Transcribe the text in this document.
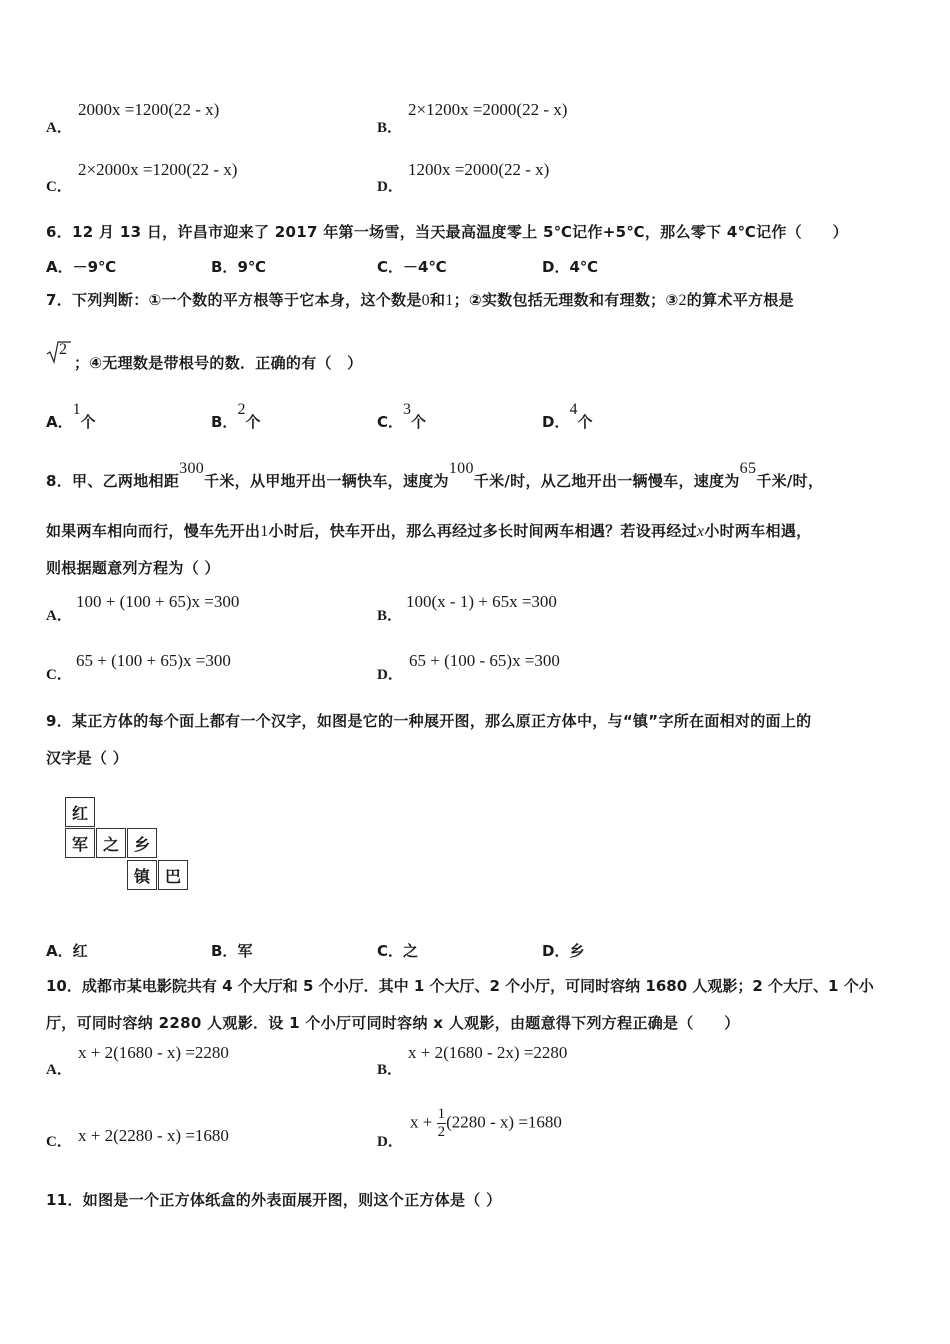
A．
2000x =1200(22 - x)
B．
2×1200x =2000(22 - x)
C．
2×2000x =1200(22 - x)
D．
1200x =2000(22 - x)
6．12 月 13 日，许昌市迎来了 2017 年第一场雪，当天最高温度零上 5℃记作+5℃，那么零下 4℃记作（　　）
A．－9℃	B．9℃	C．－4℃	D．4℃
7．下列判断：①一个数的平方根等于它本身，这个数是0和1；②实数包括无理数和有理数；③2的算术平方根是
2
；④无理数是带根号的数．正确的有（　）
A．1个	B．2个	C．3个	D．4个
8．甲、乙两地相距300千米，从甲地开出一辆快车，速度为100千米/时，从乙地开出一辆慢车，速度为65千米/时，
如果两车相向而行，慢车先开出1小时后，快车开出，那么再经过多长时间两车相遇？若设再经过x小时两车相遇，
则根据题意列方程为（ ）
A．
100 + (100 + 65)x =300
B．
100(x - 1) + 65x =300
C．
65 + (100 + 65)x =300
D．
65 + (100 - 65)x =300
9．某正方体的每个面上都有一个汉字，如图是它的一种展开图，那么原正方体中，与“镇”字所在面相对的面上的
汉字是（ ）
红
军 之 乡
镇 巴
A．红	B．军	C．之	D．乡
10．成都市某电影院共有 4 个大厅和 5 个小厅．其中 1 个大厅、2 个小厅，可同时容纳 1680 人观影；2 个大厅、1 个小
厅，可同时容纳 2280 人观影．设 1 个小厅可同时容纳 x 人观影，由题意得下列方程正确是（　　）
A．
x + 2(1680 - x) =2280
B．
x + 2(1680 - 2x) =2280
C． x + 2(2280 - x) =1680	D．
$x + \frac{1}{2} (2280 - x) =1680$
11．如图是一个正方体纸盒的外表面展开图，则这个正方体是（ ）
